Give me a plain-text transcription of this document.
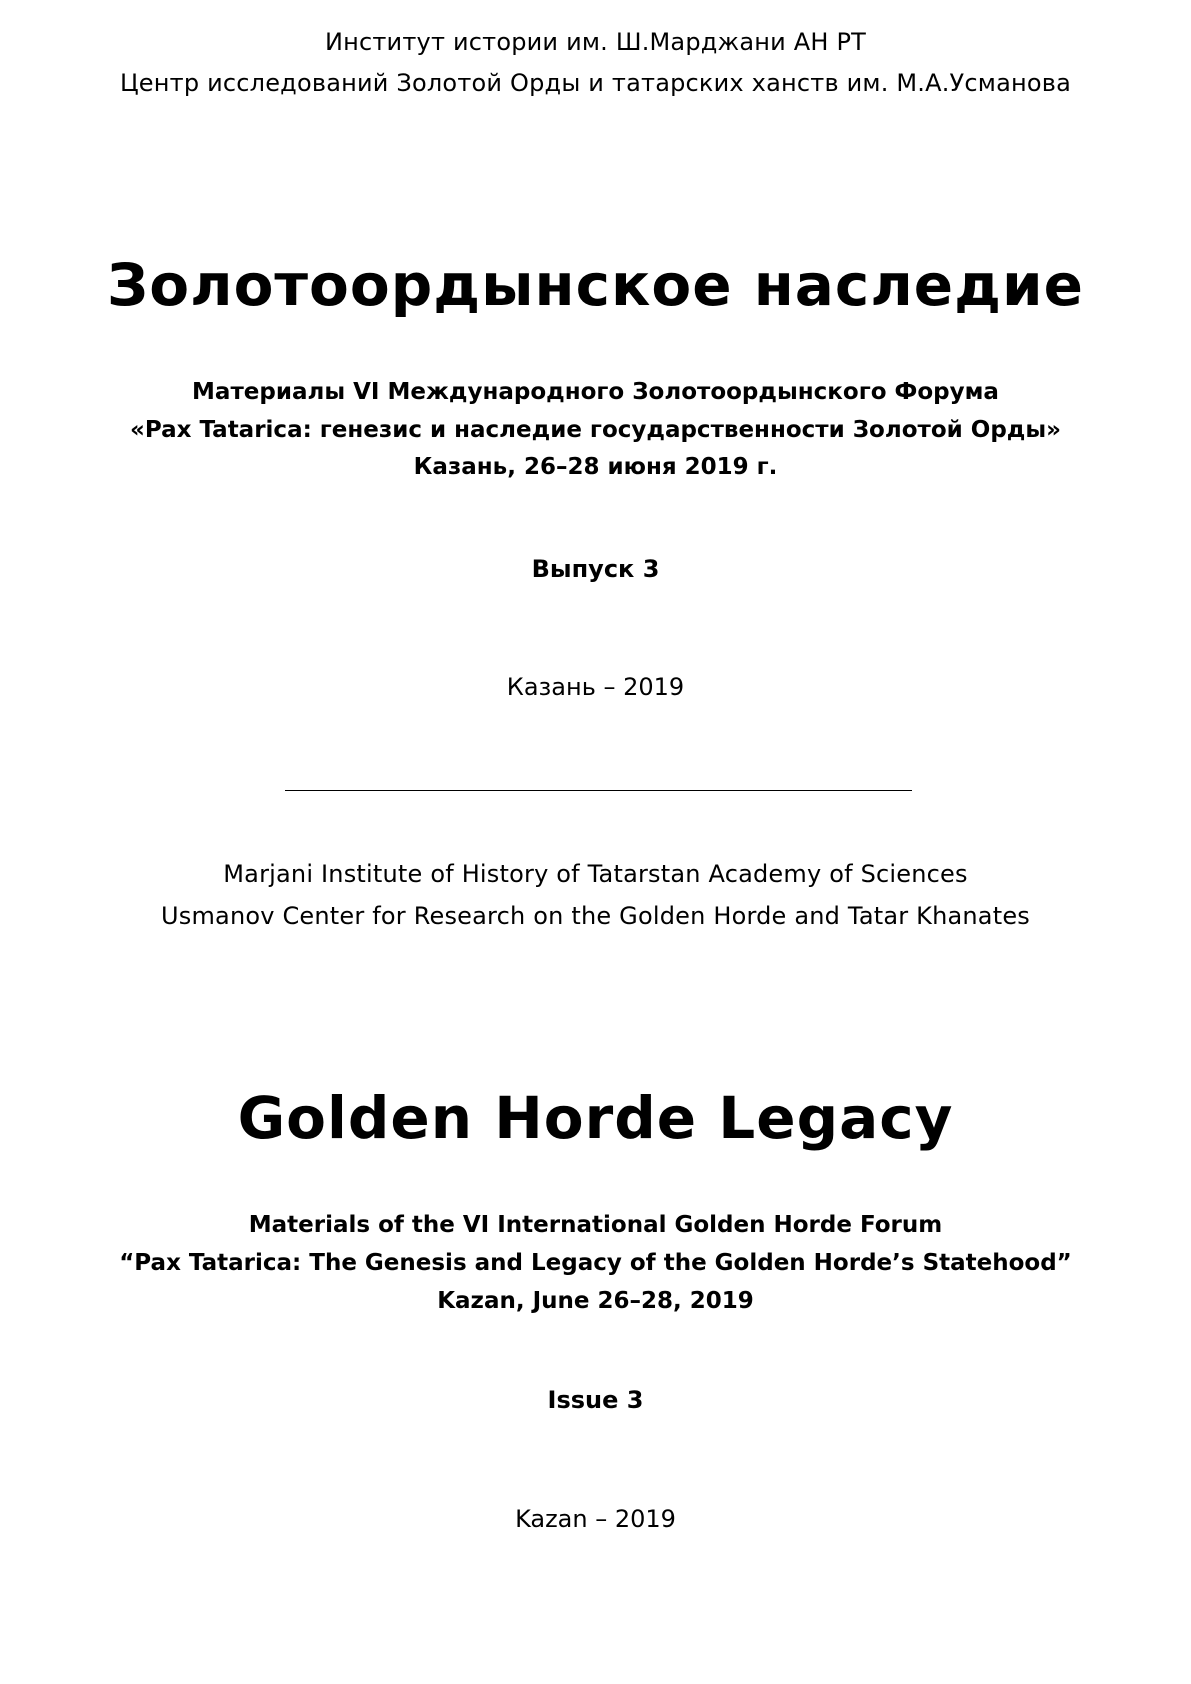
Институт истории им. Ш.Марджани АН РТ
Центр исследований Золотой Орды и татарских ханств им. М.А.Усманова
Золотоордынское наследие
Материалы VI Международного Золотоордынского Форума
«Pax Tatarica: генезис и наследие государственности Золотой Орды»
Казань, 26–28 июня 2019 г.
Выпуск 3
Казань – 2019
Marjani Institute of History of Tatarstan Academy of Sciences
Usmanov Center for Research on the Golden Horde and Tatar Khanates
Golden Horde Legacy
Materials of the VI International Golden Horde Forum
“Pax Tatarica: The Genesis and Legacy of the Golden Horde’s Statehood”
Kazan, June 26–28, 2019
Issue 3
Kazan – 2019
